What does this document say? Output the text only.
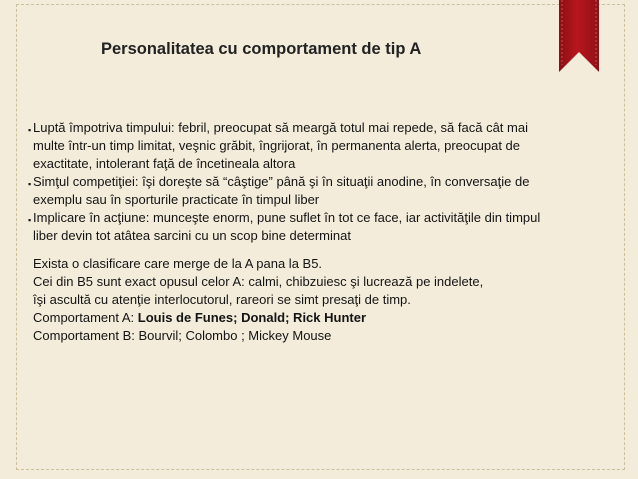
Personalitatea cu comportament de tip A
▪ Luptă împotriva timpului: febril, preocupat să meargă totul mai repede, să facă cât mai

multe într-un timp limitat, veşnic grăbit, îngrijorat, în permanenta alerta, preocupat de

exactitate, intolerant faţă de încetineala altora

▪ Simţul competiţiei: îşi doreşte să “câştige” până şi în situaţii anodine, în conversaţie de

exemplu sau în sporturile practicate în timpul liber

▪ Implicare în acţiune: munceşte enorm, pune suflet în tot ce face, iar activităţile din timpul

liber devin tot atâtea sarcini cu un scop bine determinat

Exista o clasificare care merge de la A pana la B5.

Cei din B5 sunt exact opusul celor A: calmi, chibzuiesc şi lucrează pe indelete,

îşi ascultă cu atenţie interlocutorul, rareori se simt presaţi de timp.

Comportament A: Louis de Funes; Donald; Rick Hunter

Comportament B: Bourvil; Colombo ; Mickey Mouse
